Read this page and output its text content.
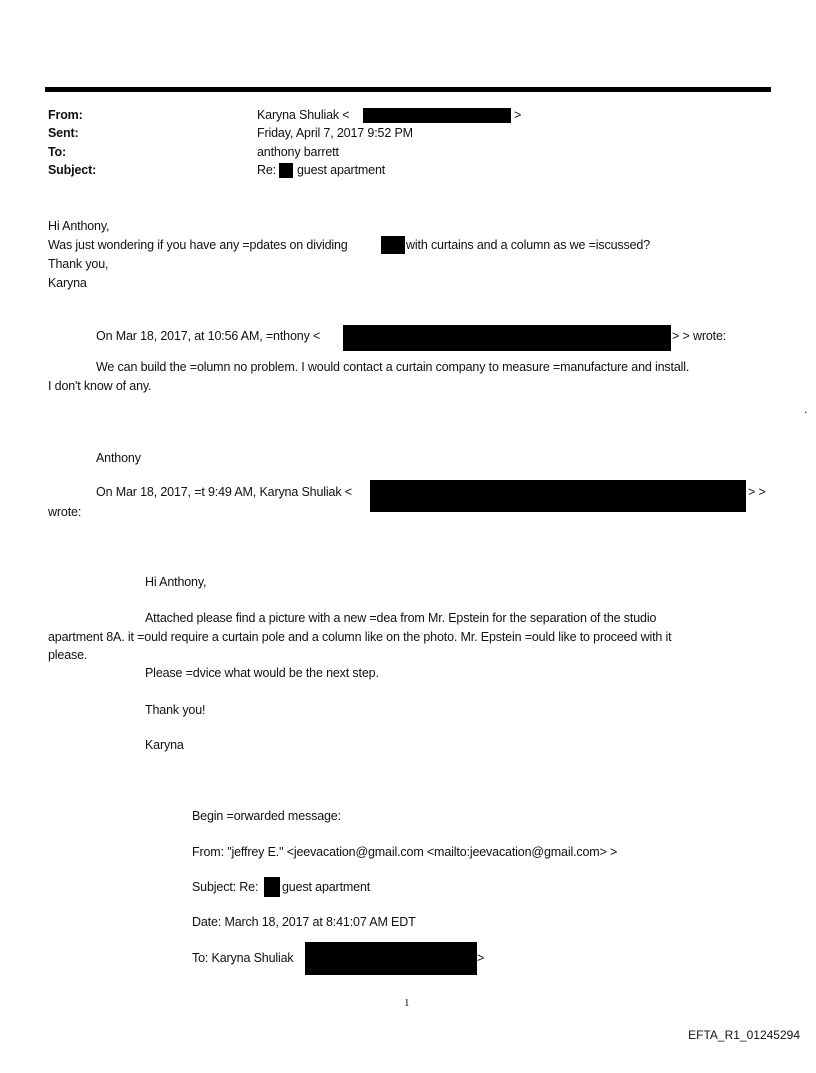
From:	Karyna Shuliak <	>
Sent:	Friday, April 7, 2017 9:52 PM
To:	anthony barrett
Subject:	Re: guest apartment
Hi Anthony,
Was just wondering if you have any =pdates on dividing	with curtains and a column as we =iscussed?
Thank you,
Karyna
On Mar 18, 2017, at 10:56 AM, =nthony <	> > wrote:
We can build the =olumn no problem. I would contact a curtain company to measure =manufacture and install.
I don't know of any.
.
Anthony
On Mar 18, 2017, =t 9:49 AM, Karyna Shuliak <	> >
wrote:
Hi Anthony,
Attached please find a picture with a new =dea from Mr. Epstein for the separation of the studio
apartment 8A. it =ould require a curtain pole and a column like on the photo. Mr. Epstein =ould like to proceed with it
please.
Please =dvice what would be the next step.
Thank you!
Karyna
Begin =orwarded message:
From: "jeffrey E." <jeevacation@gmail.com <mailto:jeevacation@gmail.com> >
Subject: Re: guest apartment
Date: March 18, 2017 at 8:41:07 AM EDT
To: Karyna Shuliak	>
1
EFTA_R1_01245294
